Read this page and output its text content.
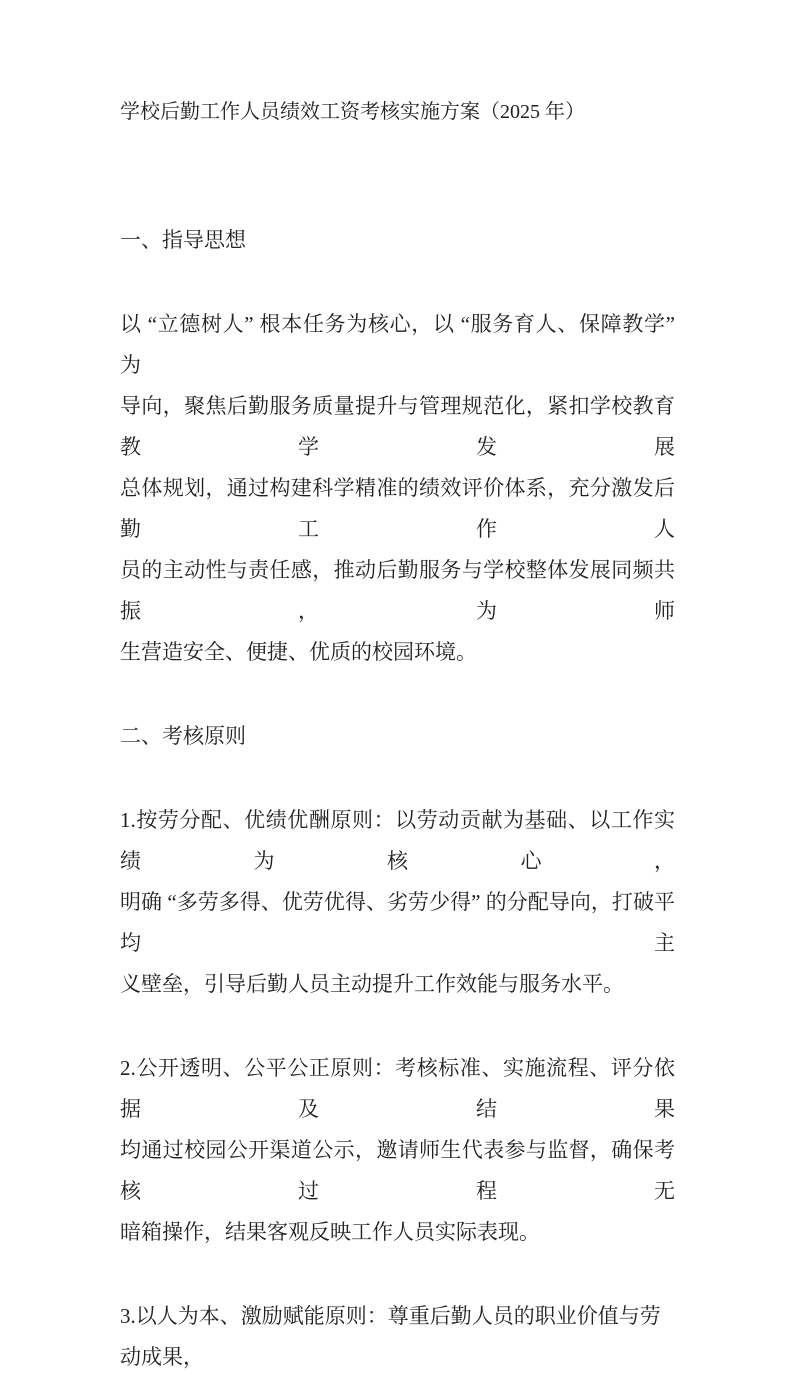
学校后勤工作人员绩效工资考核实施方案（2025 年）
一、指导思想
以 “立德树人” 根本任务为核心，以 “服务育人、保障教学” 为
导向，聚焦后勤服务质量提升与管理规范化，紧扣学校教育教学发展
总体规划，通过构建科学精准的绩效评价体系，充分激发后勤工作人
员的主动性与责任感，推动后勤服务与学校整体发展同频共振，为师
生营造安全、便捷、优质的校园环境。
二、考核原则
1.按劳分配、优绩优酬原则：以劳动贡献为基础、以工作实绩为核心，
明确 “多劳多得、优劳优得、劣劳少得” 的分配导向，打破平均主
义壁垒，引导后勤人员主动提升工作效能与服务水平。
2.公开透明、公平公正原则：考核标准、实施流程、评分依据及结果
均通过校园公开渠道公示，邀请师生代表参与监督，确保考核过程无
暗箱操作，结果客观反映工作人员实际表现。
3.以人为本、激励赋能原则：尊重后勤人员的职业价值与劳动成果，
